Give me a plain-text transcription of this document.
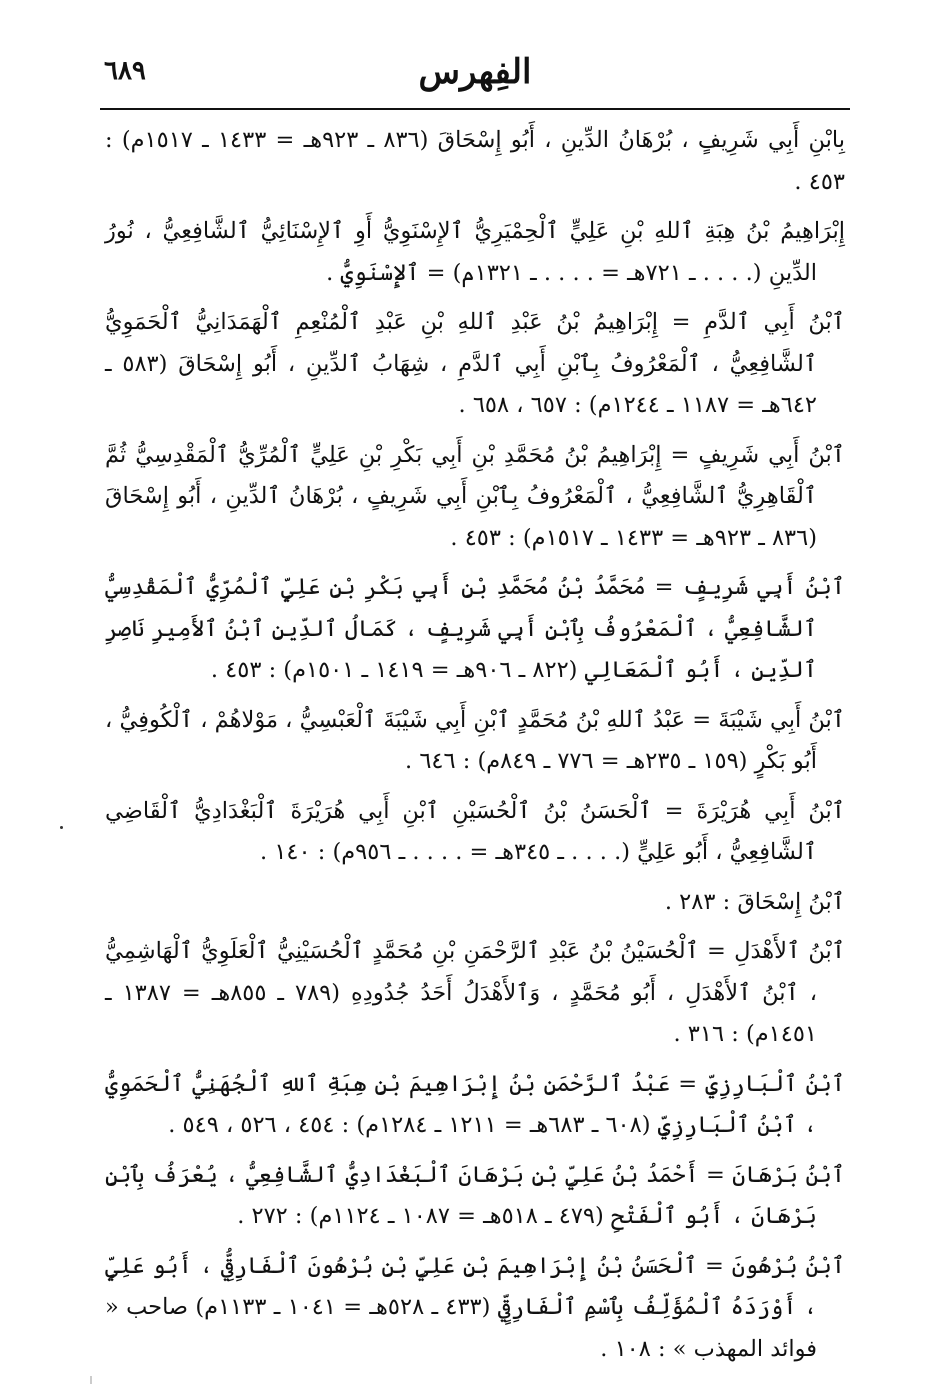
٦٨٩	الفِهرس

بِابْنِ أَبِي شَرِيفٍ ، بُرْهَانُ الدِّينِ ، أَبُو إِسْحَاقَ (٨٣٦ ـ ٩٢٣هـ = ١٤٣٣ ـ ١٥١٧م) : ٤٥٣ .

إِبْرَاهِيمُ بْنُ هِبَةِ ٱللهِ بْنِ عَلِيٍّ ٱلْحِمْيَرِيُّ ٱلإِسْنَوِيُّ أَوِ ٱلإِسْنَائِيُّ ٱلشَّافِعِيُّ ، نُورُ الدِّينِ (. . . . ـ ٧٢١هـ = . . . . ـ ١٣٢١م) = ٱلإِسْنَوِيُّ .

ٱبْنُ أَبِي ٱلدَّمِ = إِبْرَاهِيمُ بْنُ عَبْدِ ٱللهِ بْنِ عَبْدِ ٱلْمُنْعِمِ ٱلْهَمَدَانِيُّ ٱلْحَمَوِيُّ ٱلشَّافِعِيُّ ، ٱلْمَعْرُوفُ بِٱبْنِ أَبِي ٱلدَّمِ ، شِهَابُ ٱلدِّينِ ، أَبُو إِسْحَاقَ (٥٨٣ ـ ٦٤٢هـ = ١١٨٧ ـ ١٢٤٤م) : ٦٥٧ ، ٦٥٨ .

ٱبْنُ أَبِي شَرِيفٍ = إِبْرَاهِيمُ بْنُ مُحَمَّدِ بْنِ أَبِي بَكْرِ بْنِ عَلِيٍّ ٱلْمُرِّيُّ ٱلْمَقْدِسِيُّ ثُمَّ ٱلْقَاهِرِيُّ ٱلشَّافِعِيُّ ، ٱلْمَعْرُوفُ بِٱبْنِ أَبِي شَرِيفٍ ، بُرْهَانُ ٱلدِّينِ ، أَبُو إِسْحَاقَ (٨٣٦ ـ ٩٢٣هـ = ١٤٣٣ ـ ١٥١٧م) : ٤٥٣ .

ٱبْنُ أَبِي شَرِيفٍ = مُحَمَّدُ بْنُ مُحَمَّدِ بْنِ أَبِي بَكْرِ بْنِ عَلِيٍّ ٱلْمُرِّيُّ ٱلْمَقْدِسِيُّ ٱلشَّافِعِيُّ ، ٱلْمَعْرُوفُ بِٱبْنِ أَبِي شَرِيفٍ ، كَمَالُ ٱلدِّينِ ٱبْنُ ٱلأَمِيرِ نَاصِرِ ٱلدِّينِ ، أَبُو ٱلْمَعَالِي (٨٢٢ ـ ٩٠٦هـ = ١٤١٩ ـ ١٥٠١م) : ٤٥٣ .

ٱبْنُ أَبِي شَيْبَةَ = عَبْدُ ٱللهِ بْنُ مُحَمَّدٍ ٱبْنِ أَبِي شَيْبَةَ ٱلْعَبْسِيُّ ، مَوْلاهُمْ ، ٱلْكُوفِيُّ ، أَبُو بَكْرٍ (١٥٩ ـ ٢٣٥هـ = ٧٧٦ ـ ٨٤٩م) : ٦٤٦ .

ٱبْنُ أَبِي هُرَيْرَةَ = ٱلْحَسَنُ بْنُ ٱلْحُسَيْنِ ٱبْنِ أَبِي هُرَيْرَةَ ٱلْبَغْدَادِيُّ ٱلْقَاضِي ٱلشَّافِعِيُّ ، أَبُو عَلِيٍّ (. . . . ـ ٣٤٥هـ = . . . . ـ ٩٥٦م) : ١٤٠ .

ٱبْنُ إِسْحَاقَ : ٢٨٣ .

ٱبْنُ ٱلأَهْدَلِ = ٱلْحُسَيْنُ بْنُ عَبْدِ ٱلرَّحْمَنِ بْنِ مُحَمَّدٍ ٱلْحُسَيْنِيُّ ٱلْعَلَوِيُّ ٱلْهَاشِمِيُّ ، ٱبْنُ ٱلأَهْدَلِ ، أَبُو مُحَمَّدٍ ، وَٱلأَهْدَلُ أَحَدُ جُدُودِهِ (٧٨٩ ـ ٨٥٥هـ = ١٣٨٧ ـ ١٤٥١م) : ٣١٦ .

ٱبْنُ ٱلْبَارِزِيِّ = عَبْدُ ٱلرَّحْمَنِ بْنُ إِبْرَاهِيمَ بْنِ هِبَةِ ٱللهِ ٱلْجُهَنِيُّ ٱلْحَمَوِيُّ ، ٱبْنُ ٱلْبَارِزِيِّ (٦٠٨ ـ ٦٨٣هـ = ١٢١١ ـ ١٢٨٤م) : ٤٥٤ ، ٥٢٦ ، ٥٤٩ .

ٱبْنُ بَرْهَانَ = أَحْمَدُ بْنُ عَلِيِّ بْنِ بَرْهَانَ ٱلْبَغْدَادِيُّ ٱلشَّافِعِيُّ ، يُعْرَفُ بِٱبْنِ بَرْهَانَ ، أَبُو ٱلْفَتْحِ (٤٧٩ ـ ٥١٨هـ = ١٠٨٧ ـ ١١٢٤م) : ٢٧٢ .

ٱبْنُ بُرْهُونَ = ٱلْحَسَنُ بْنُ إِبْرَاهِيمَ بْنِ عَلِيِّ بْنِ بُرْهُونَ ٱلْفَارِقِيُّ ، أَبُو عَلِيٍّ ، أَوْرَدَهُ ٱلْمُؤَلِّفُ بِٱسْمِ ٱلْفَارِقِيِّ (٤٣٣ ـ ٥٢٨هـ = ١٠٤١ ـ ١١٣٣م) صاحب « فوائد المهذب » : ١٠٨ .
